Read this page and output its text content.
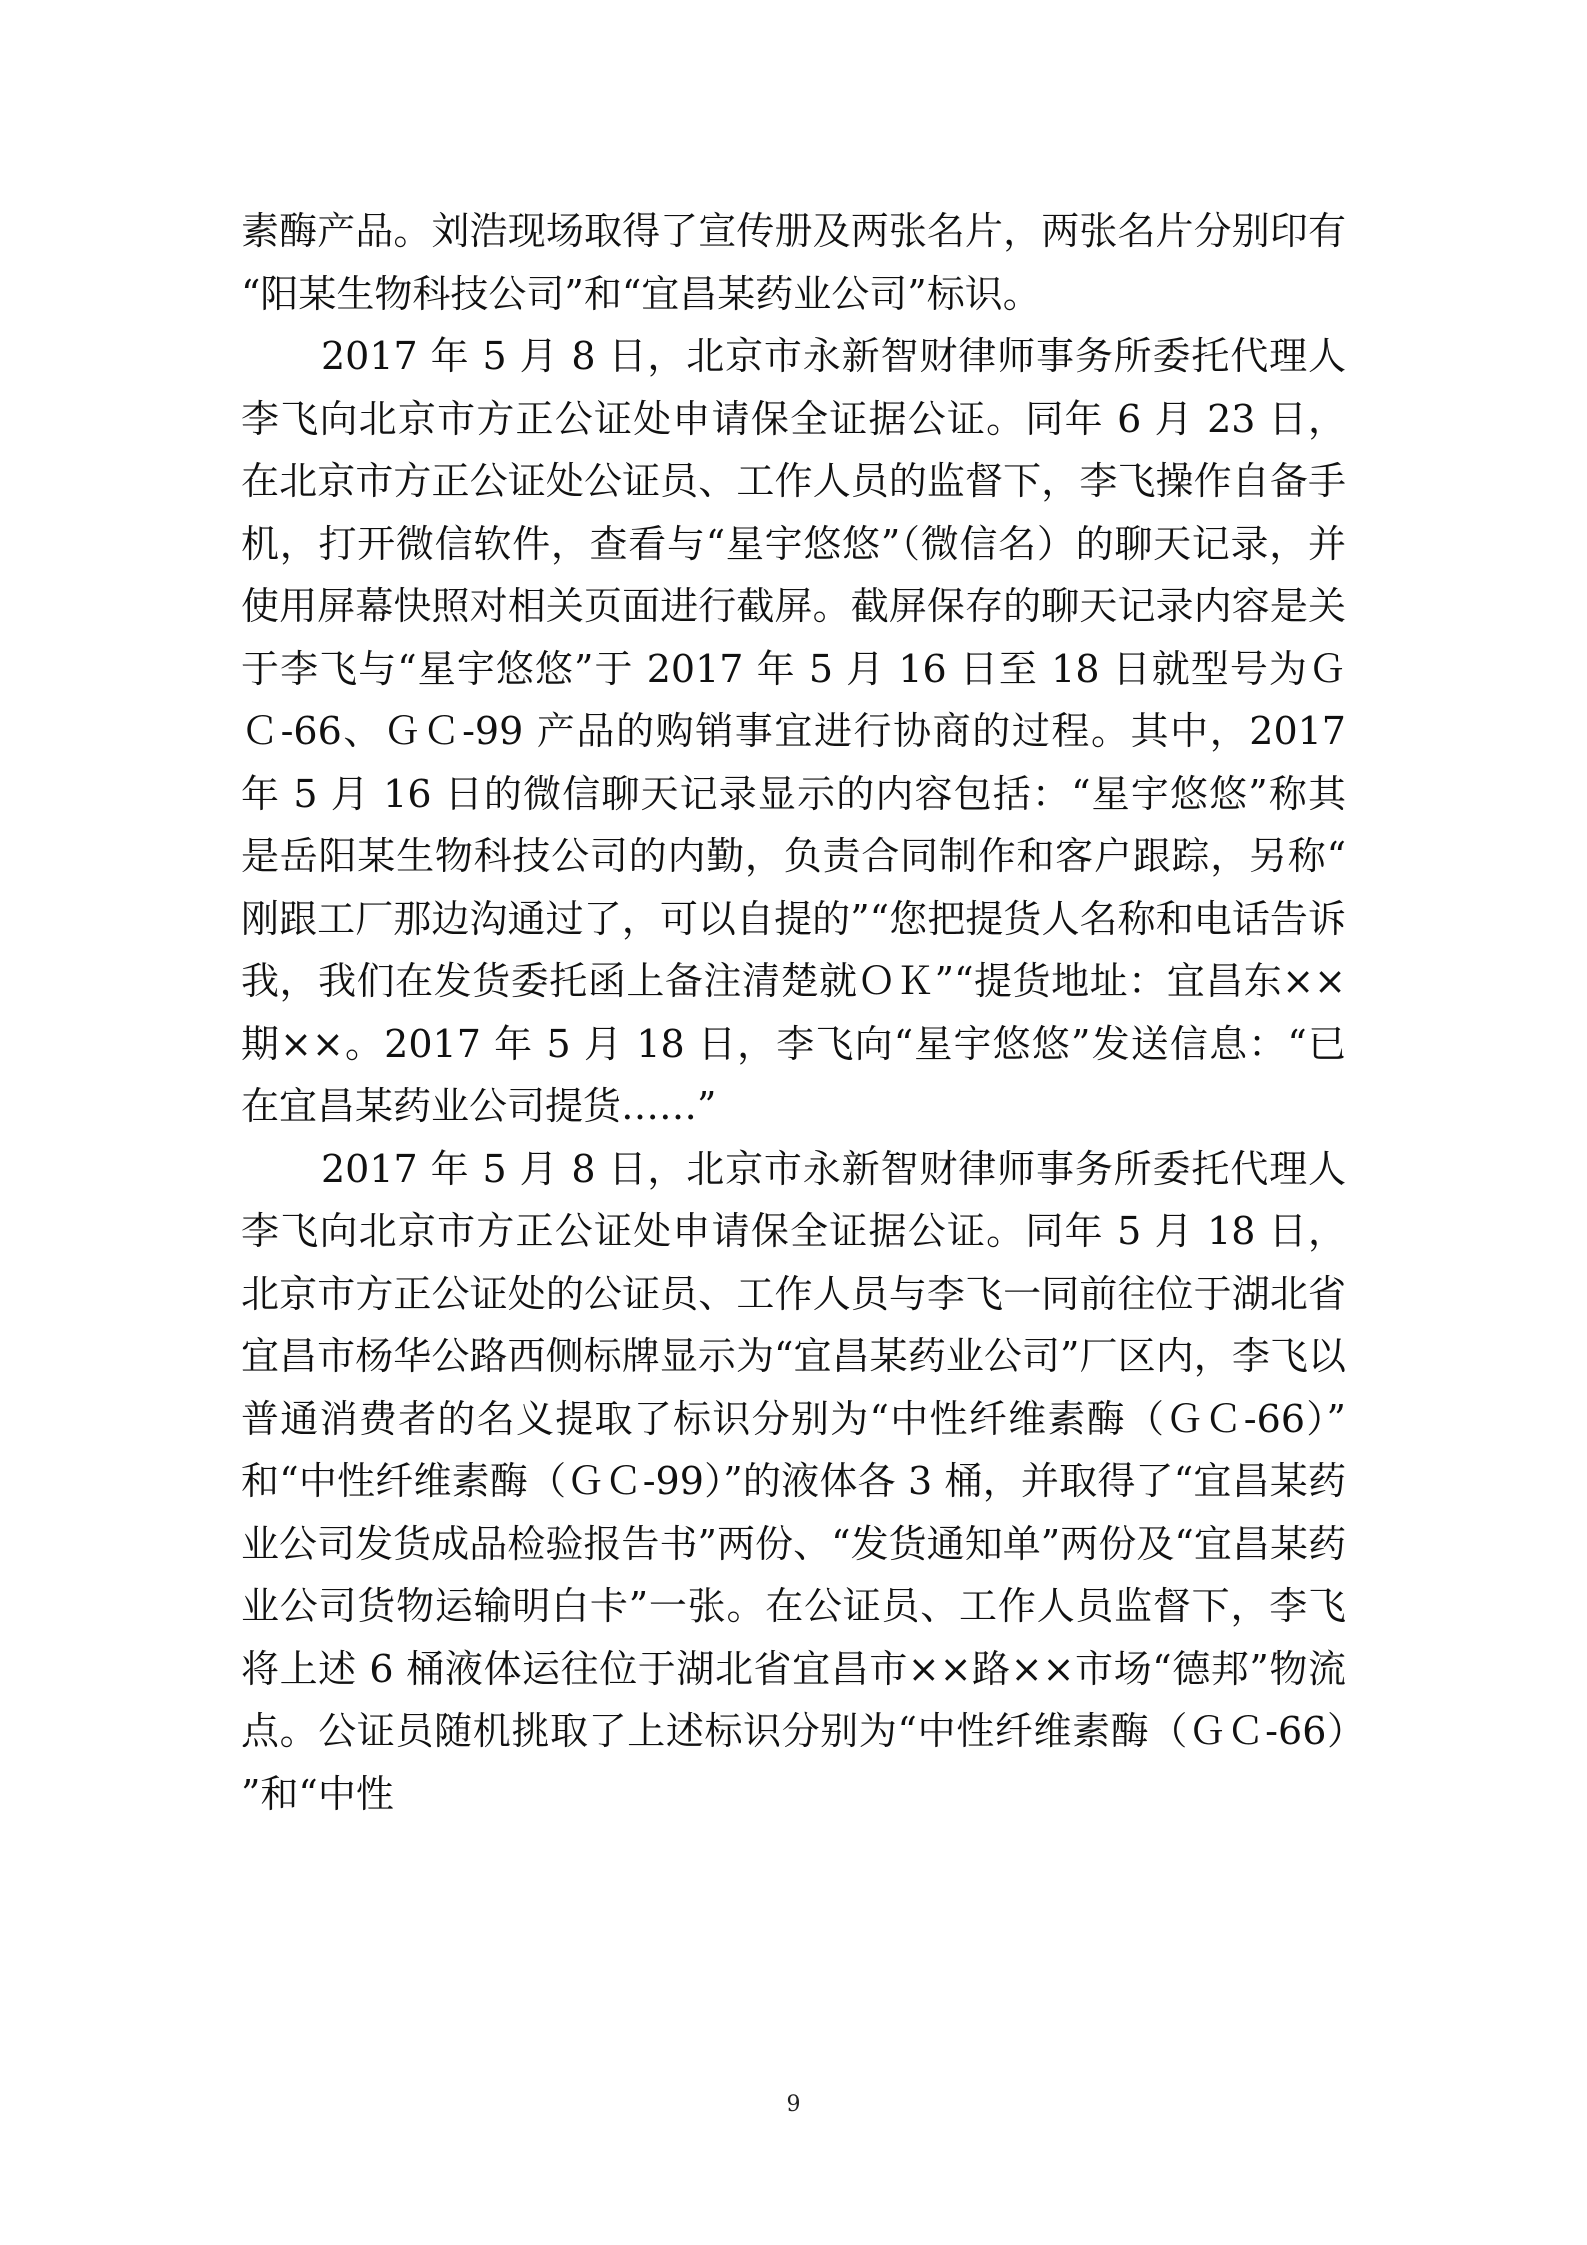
素酶产品。刘浩现场取得了宣传册及两张名片，两张名片分别印有“阳某生物科技公司”和“宜昌某药业公司”标识。

2017 年 5 月 8 日，北京市永新智财律师事务所委托代理人李飞向北京市方正公证处申请保全证据公证。同年 6 月 23 日，在北京市方正公证处公证员、工作人员的监督下，李飞操作自备手机，打开微信软件，查看与“星宇悠悠”（微信名）的聊天记录，并使用屏幕快照对相关页面进行截屏。截屏保存的聊天记录内容是关于李飞与“星宇悠悠”于 2017 年 5 月 16 日至 18 日就型号为ＧＣ-66、ＧＣ-99 产品的购销事宜进行协商的过程。其中，2017 年 5 月 16 日的微信聊天记录显示的内容包括：“星宇悠悠”称其是岳阳某生物科技公司的内勤，负责合同制作和客户跟踪，另称“刚跟工厂那边沟通过了，可以自提的”“您把提货人名称和电话告诉我，我们在发货委托函上备注清楚就ＯＫ”“提货地址：宜昌东××期××。2017 年 5 月 18 日，李飞向“星宇悠悠”发送信息：“已在宜昌某药业公司提货……”

2017 年 5 月 8 日，北京市永新智财律师事务所委托代理人李飞向北京市方正公证处申请保全证据公证。同年 5 月 18 日，北京市方正公证处的公证员、工作人员与李飞一同前往位于湖北省宜昌市杨华公路西侧标牌显示为“宜昌某药业公司”厂区内，李飞以普通消费者的名义提取了标识分别为“中性纤维素酶（ＧＣ-66）”和“中性纤维素酶（ＧＣ-99）”的液体各 3 桶，并取得了“宜昌某药业公司发货成品检验报告书”两份、“发货通知单”两份及“宜昌某药业公司货物运输明白卡”一张。在公证员、工作人员监督下，李飞将上述 6 桶液体运往位于湖北省宜昌市××路××市场“德邦”物流点。公证员随机挑取了上述标识分别为“中性纤维素酶（ＧＣ-66）”和“中性

9
